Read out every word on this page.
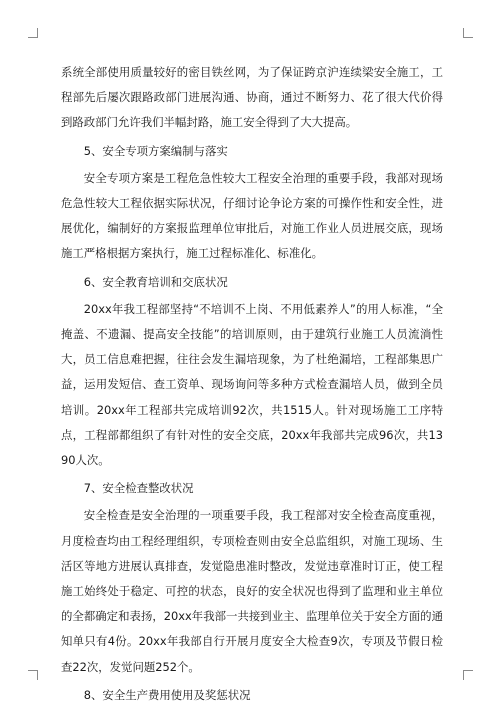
系统全部使用质量较好的密目铁丝网，为了保证跨京沪连续梁安全施工，工程部先后屡次跟路政部门进展沟通、协商，通过不断努力、花了很大代价得到路政部门允许我们半幅封路，施工安全得到了大大提高。

5、安全专项方案编制与落实

安全专项方案是工程危急性较大工程安全治理的重要手段，我部对现场危急性较大工程依据实际状况，仔细讨论争论方案的可操作性和安全性，进展优化，编制好的方案报监理单位审批后，对施工作业人员进展交底，现场施工严格根据方案执行，施工过程标准化、标准化。

6、安全教育培训和交底状况

20xx年我工程部坚持“不培训不上岗、不用低素养人”的用人标准，“全掩盖、不遗漏、提高安全技能”的培训原则，由于建筑行业施工人员流淌性大，员工信息难把握，往往会发生漏培现象，为了杜绝漏培，工程部集思广益，运用发短信、查工资单、现场询问等多种方式检查漏培人员，做到全员培训。20xx年工程部共完成培训92次，共1515人。针对现场施工工序特点，工程部都组织了有针对性的安全交底，20xx年我部共完成96次，共1390人次。

7、安全检查整改状况

安全检查是安全治理的一项重要手段，我工程部对安全检查高度重视，月度检查均由工程经理组织，专项检查则由安全总监组织，对施工现场、生活区等地方进展认真排查，发觉隐患准时整改，发觉违章准时订正，使工程施工始终处于稳定、可控的状态，良好的安全状况也得到了监理和业主单位的全都确定和表扬，20xx年我部一共接到业主、监理单位关于安全方面的通知单只有4份。20xx年我部自行开展月度安全大检查9次，专项及节假日检查22次，发觉问题252个。

8、安全生产费用使用及奖惩状况
